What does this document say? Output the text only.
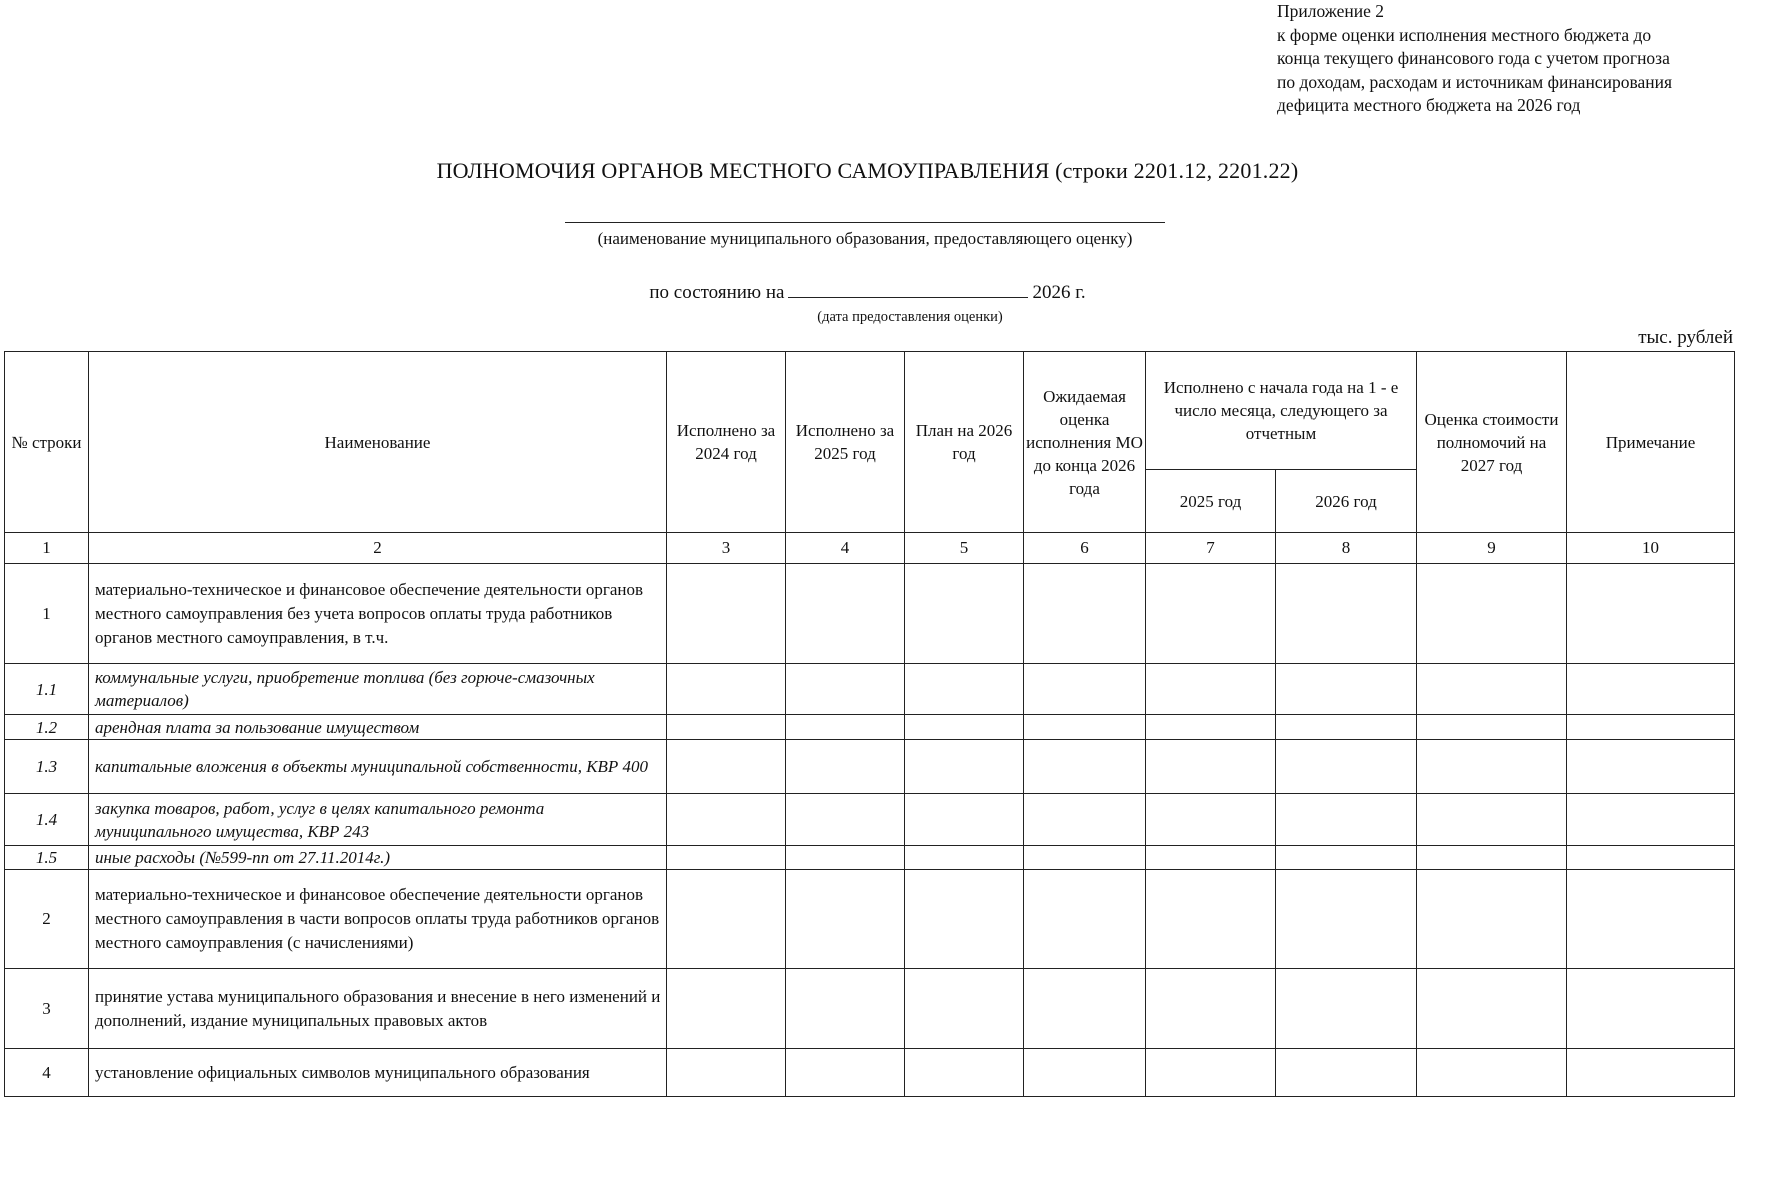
Приложение 2
к форме оценки исполнения местного бюджета до
конца текущего финансового года с учетом прогноза
по доходам, расходам и источникам финансирования
дефицита местного бюджета на 2026 год
ПОЛНОМОЧИЯ ОРГАНОВ МЕСТНОГО САМОУПРАВЛЕНИЯ (строки 2201.12, 2201.22)
(наименование муниципального образования, предоставляющего оценку)
по состоянию на	2026 г.
(дата предоставления оценки)
тыс. рублей
№ строки	Наименование	Исполнено за 2024 год	Исполнено за 2025 год	План на 2026 год	Ожидаемая оценка исполнения МО до конца 2026 года	Исполнено с начала года на 1 - е число месяца, следующего за отчетным		Оценка стоимости полномочий на 2027 год	Примечание
						2025 год	2026 год		
1	2	3	4	5	6	7	8	9	10
1	материально-техническое и финансовое обеспечение деятельности органов местного самоуправления без учета вопросов оплаты труда работников органов местного самоуправления, в т.ч.								
1.1	коммунальные услуги, приобретение топлива (без горюче-смазочных материалов)								
1.2	арендная плата за пользование имуществом								
1.3	капитальные вложения в объекты муниципальной собственности, КВР 400								
1.4	закупка товаров, работ, услуг в целях капитального ремонта муниципального имущества, КВР 243								
1.5	иные расходы (№599-пп от 27.11.2014г.)								
2	материально-техническое и финансовое обеспечение деятельности органов местного самоуправления в части вопросов оплаты труда работников органов местного самоуправления (с начислениями)								
3	принятие устава муниципального образования и внесение в него изменений и дополнений, издание муниципальных правовых актов								
4	установление официальных символов муниципального образования								
